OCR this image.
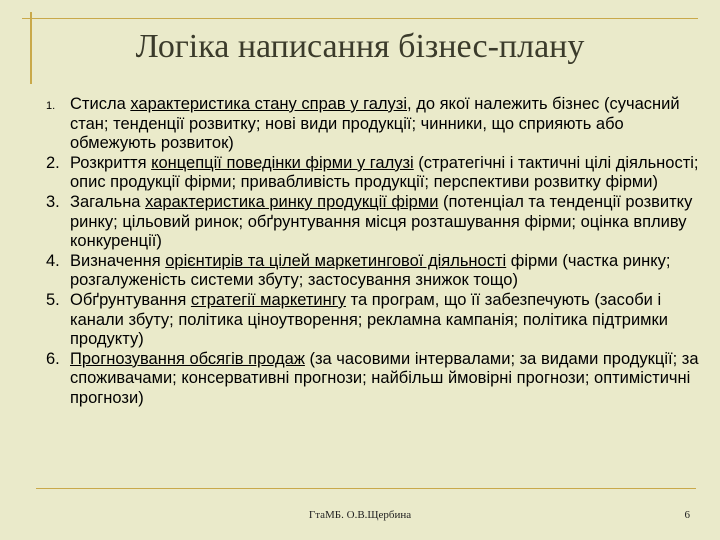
Логіка написання бізнес-плану
1. Стисла характеристика стану справ у галузі, до якої належить бізнес (сучасний стан; тенденції розвитку; нові види продукції; чинники, що сприяють або обмежують розвиток)
2. Розкриття концепції поведінки фірми у галузі (стратегічні і тактичні цілі діяльності; опис продукції фірми; привабливість продукції; перспективи розвитку фірми)
3. Загальна характеристика ринку продукції фірми (потенціал та тенденції розвитку ринку; цільовий ринок; обґрунтування місця розташування фірми; оцінка впливу конкуренції)
4. Визначення орієнтирів та цілей маркетингової діяльності фірми (частка ринку; розгалуженість системи збуту; застосування знижок тощо)
5. Обґрунтування стратегії маркетингу та програм, що її забезпечують (засоби і канали збуту; політика ціноутворення; рекламна кампанія; політика підтримки продукту)
6. Прогнозування обсягів продаж (за часовими інтервалами; за видами продукції; за споживачами; консервативні прогнози; найбільш ймовірні прогнози; оптимістичні прогнози)
ГтаМБ. О.В.Щербина	6
